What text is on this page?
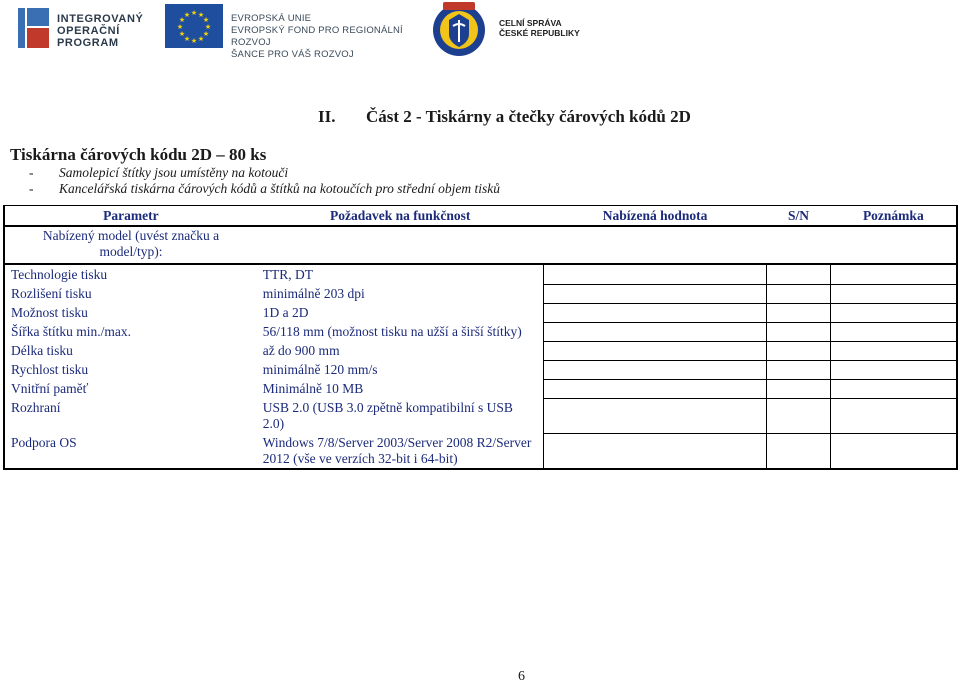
INTEGROVANÝ
OPERAČNÍ
PROGRAM
★ ★
★
★
★
★
★
★
★
★
★
★	EVROPSKÁ UNIE
EVROPSKÝ FOND PRO REGIONÁLNÍ ROZVOJ
ŠANCE PRO VÁŠ ROZVOJ
CELNÍ SPRÁVA
ČESKÉ REPUBLIKY
II. Část 2 - Tiskárny a čtečky čárových kódů 2D
Tiskárna čárových kódu 2D – 80 ks
-	Samolepicí štítky jsou umístěny na kotouči
-	Kancelářská tiskárna čárových kódů a štítků na kotoučích pro střední objem tisků
Nabízený model (uvést značku a model/typ):				

Parametr	Požadavek na funkčnost	Nabízená hodnota	S/N	Poznámka
Technologie tisku	TTR, DT			
Rozlišení tisku	minimálně 203 dpi			
Možnost tisku	1D a 2D			
Šířka štítku min./max.	56/118 mm (možnost tisku na užší a širší štítky)			
Délka tisku	až do 900 mm			
Rychlost tisku	minimálně 120 mm/s			
Vnitřní paměť	Minimálně 10 MB			
Rozhraní	USB 2.0 (USB 3.0 zpětně kompatibilní s USB 2.0)			
Podpora OS	Windows 7/8/Server 2003/Server 2008 R2/Server 2012 (vše ve verzích 32-bit i 64-bit)			
6
